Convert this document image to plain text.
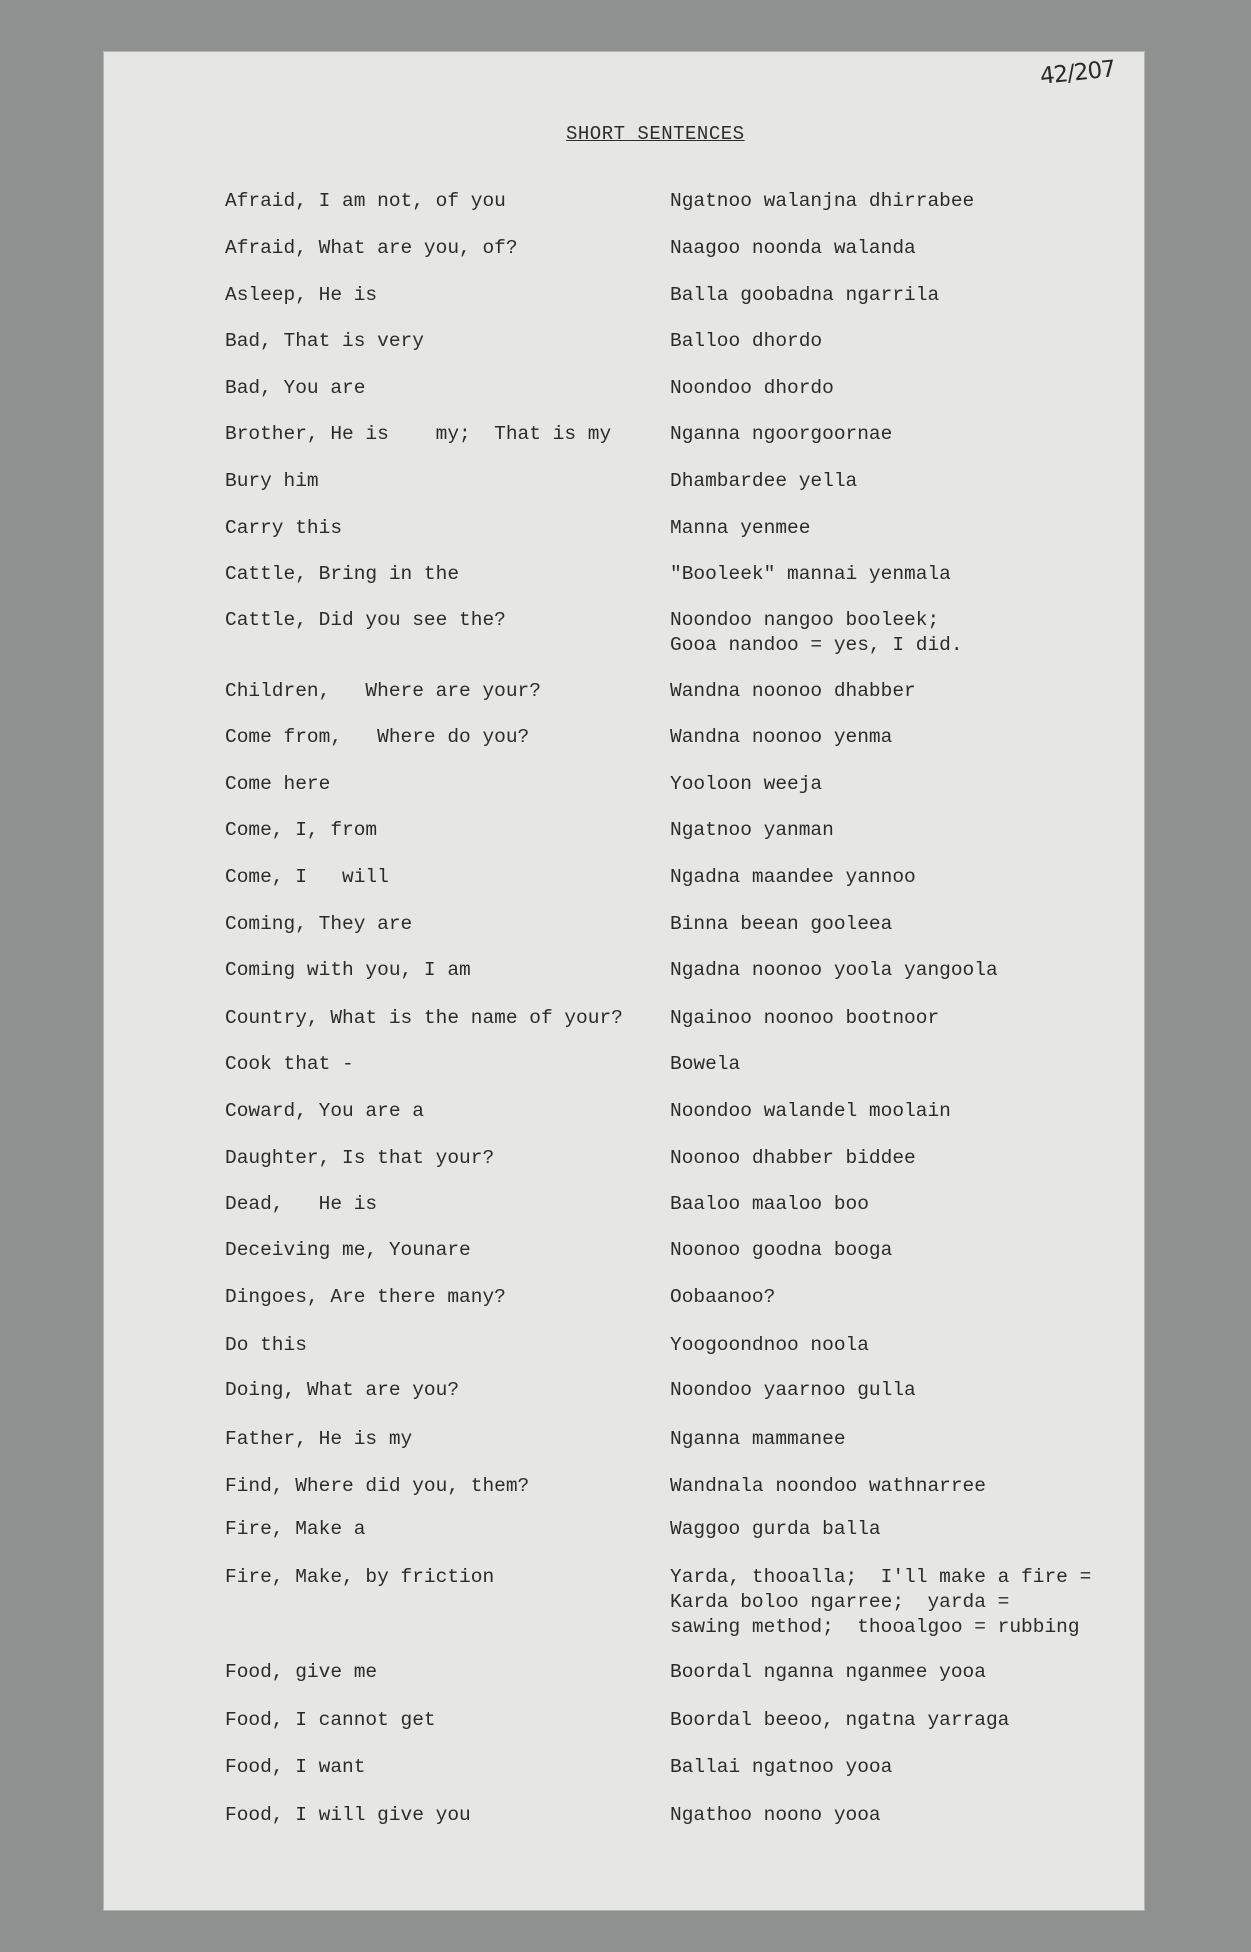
42/207
SHORT SENTENCES
Afraid, I am not, of you	Ngatnoo walanjna dhirrabee
Afraid, What are you, of?	Naagoo noonda walanda
Asleep, He is	Balla goobadna ngarrila
Bad, That is very	Balloo dhordo
Bad, You are	Noondoo dhordo
Brother, He is    my;  That is my	Nganna ngoorgoornae
Bury him	Dhambardee yella
Carry this	Manna yenmee
Cattle, Bring in the	"Booleek" mannai yenmala
Cattle, Did you see the?	Noondoo nangoo booleek;
Gooa nandoo = yes, I did.
Children,   Where are your?	Wandna noonoo dhabber
Come from,   Where do you?	Wandna noonoo yenma
Come here	Yooloon weeja
Come, I, from	Ngatnoo yanman
Come, I   will	Ngadna maandee yannoo
Coming, They are	Binna beean gooleea
Coming with you, I am	Ngadna noonoo yoola yangoola
Country, What is the name of your? Ngainoo noonoo bootnoor
Cook that -	Bowela
Coward, You are a	Noondoo walandel moolain
Daughter, Is that your?	Noonoo dhabber biddee
Dead,   He is	Baaloo maaloo boo
Deceiving me, Younare	Noonoo goodna booga
Dingoes, Are there many?	Oobaanoo?
Do this	Yoogoondnoo noola
Doing, What are you?	Noondoo yaarnoo gulla
Father, He is my	Nganna mammanee
Find, Where did you, them?	Wandnala noondoo wathnarree
Fire, Make a	Waggoo gurda balla
Fire, Make, by friction	Yarda, thooalla;  I'll make a fire =
Karda boloo ngarree;  yarda =
sawing method;  thooalgoo = rubbing
Food, give me	Boordal nganna nganmee yooa
Food, I cannot get	Boordal beeoo, ngatna yarraga
Food, I want	Ballai ngatnoo yooa
Food, I will give you	Ngathoo noono yooa
